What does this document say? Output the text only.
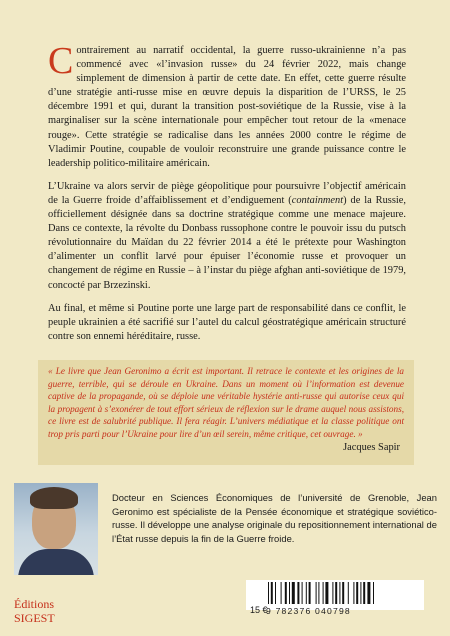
Contrairement au narratif occidental, la guerre russo-ukrainienne n’a pas commencé avec «l’invasion russe» du 24 février 2022, mais change simplement de dimension à partir de cette date. En effet, cette guerre résulte d’une stratégie anti-russe mise en œuvre depuis la disparition de l’URSS, le 25 décembre 1991 et qui, durant la transition post-soviétique de la Russie, vise à la marginaliser sur la scène internationale pour empêcher tout retour de la «menace rouge». Cette stratégie se radicalise dans les années 2000 contre le régime de Vladimir Poutine, coupable de vouloir reconstruire une grande puissance contre le leadership politico-militaire américain.

L’Ukraine va alors servir de piège géopolitique pour poursuivre l’objectif américain de la Guerre froide d’affaiblissement et d’endiguement (containment) de la Russie, officiellement désignée dans sa doctrine stratégique comme une menace majeure. Dans ce contexte, la révolte du Donbass russophone contre le pouvoir issu du putsch révolutionnaire du Maïdan du 22 février 2014 a été le prétexte pour Washington d’alimenter un conflit larvé pour épuiser l’économie russe et provoquer un changement de régime en Russie – à l’instar du piège afghan anti-soviétique de 1979, concocté par Brzezinski.

Au final, et même si Poutine porte une large part de responsabilité dans ce conflit, le peuple ukrainien a été sacrifié sur l’autel du calcul géostratégique américain structuré contre son ennemi héréditaire, russe.

« Le livre que Jean Geronimo a écrit est important. Il retrace le contexte et les origines de la guerre, terrible, qui se déroule en Ukraine. Dans un moment où l’information est devenue captive de la propagande, où se déploie une véritable hystérie anti-russe qui autorise ceux qui la propagent à s’exonérer de tout effort sérieux de réflexion sur le drame auquel nous assistons, ce livre est de salubrité publique. Il fera réagir. L’univers médiatique et la classe politique ont trop pris parti pour l’Ukraine pour lire d’un œil serein, même critique, cet ouvrage. »

Jacques Sapir

Docteur en Sciences Économiques de l’université de Grenoble, Jean Geronimo est spécialiste de la Pensée économique et stratégique soviético-russe. Il développe une analyse originale du repositionnement international de l’État russe depuis la fin de la Guerre froide.

Éditions
SIGEST
15 €
9 782376 040798
